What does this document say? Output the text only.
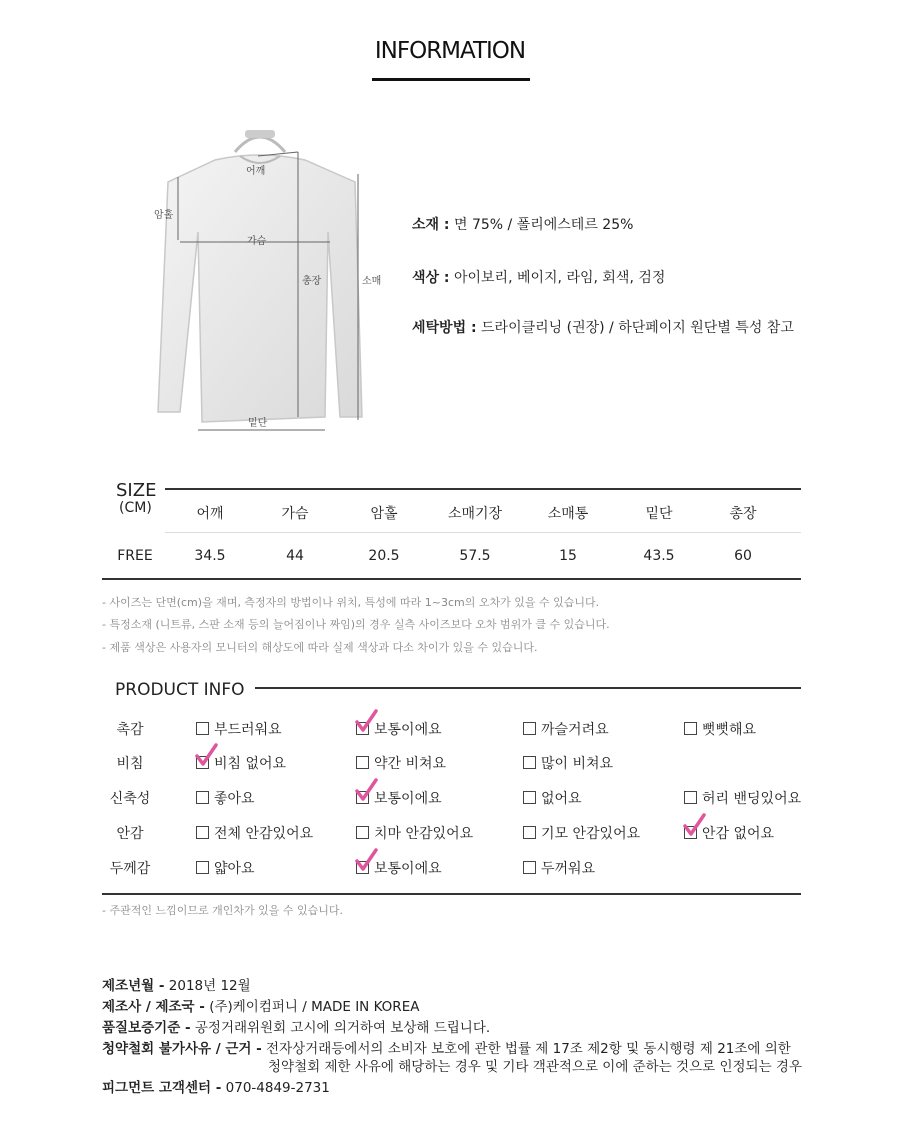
INFORMATION
어깨
암홀
가슴
총장	소매
밑단
소재 : 면 75% / 폴리에스테르 25%
색상 : 아이보리, 베이지, 라임, 회색, 검정
세탁방법 : 드라이클리닝 (권장) / 하단페이지 원단별 특성 참고
SIZE
(CM)	어깨	가슴	암홀	소매기장	소매통	밑단	총장
FREE	34.5	44	20.5	57.5	15	43.5	60
- 사이즈는 단면(cm)을 재며, 측정자의 방법이나 위치, 특성에 따라 1~3cm의 오차가 있을 수 있습니다.
- 특정소재 (니트류, 스판 소재 등의 늘어짐이나 짜임)의 경우 실측 사이즈보다 오차 범위가 클 수 있습니다.
- 제품 색상은 사용자의 모니터의 해상도에 따라 실제 색상과 다소 차이가 있을 수 있습니다.
PRODUCT INFO
촉감	부드러워요	보통이에요	까슬거려요	뻣뻣해요
비침	비침 없어요	약간 비쳐요	많이 비쳐요
신축성	좋아요	보통이에요	없어요	허리 밴딩있어요
안감	전체 안감있어요	치마 안감있어요	기모 안감있어요	안감 없어요
두께감	얇아요	보통이에요	두꺼워요
- 주관적인 느낌이므로 개인차가 있을 수 있습니다.
제조년월 - 2018년 12월
제조사 / 제조국 - (주)케이컴퍼니 / MADE IN KOREA
품질보증기준 - 공정거래위원회 고시에 의거하여 보상해 드립니다.
청약철회 불가사유 / 근거 - 전자상거래등에서의 소비자 보호에 관한 법률 제 17조 제2항 및 동시행령 제 21조에 의한
청약철회 제한 사유에 해당하는 경우 및 기타 객관적으로 이에 준하는 것으로 인정되는 경우
피그먼트 고객센터 - 070-4849-2731
